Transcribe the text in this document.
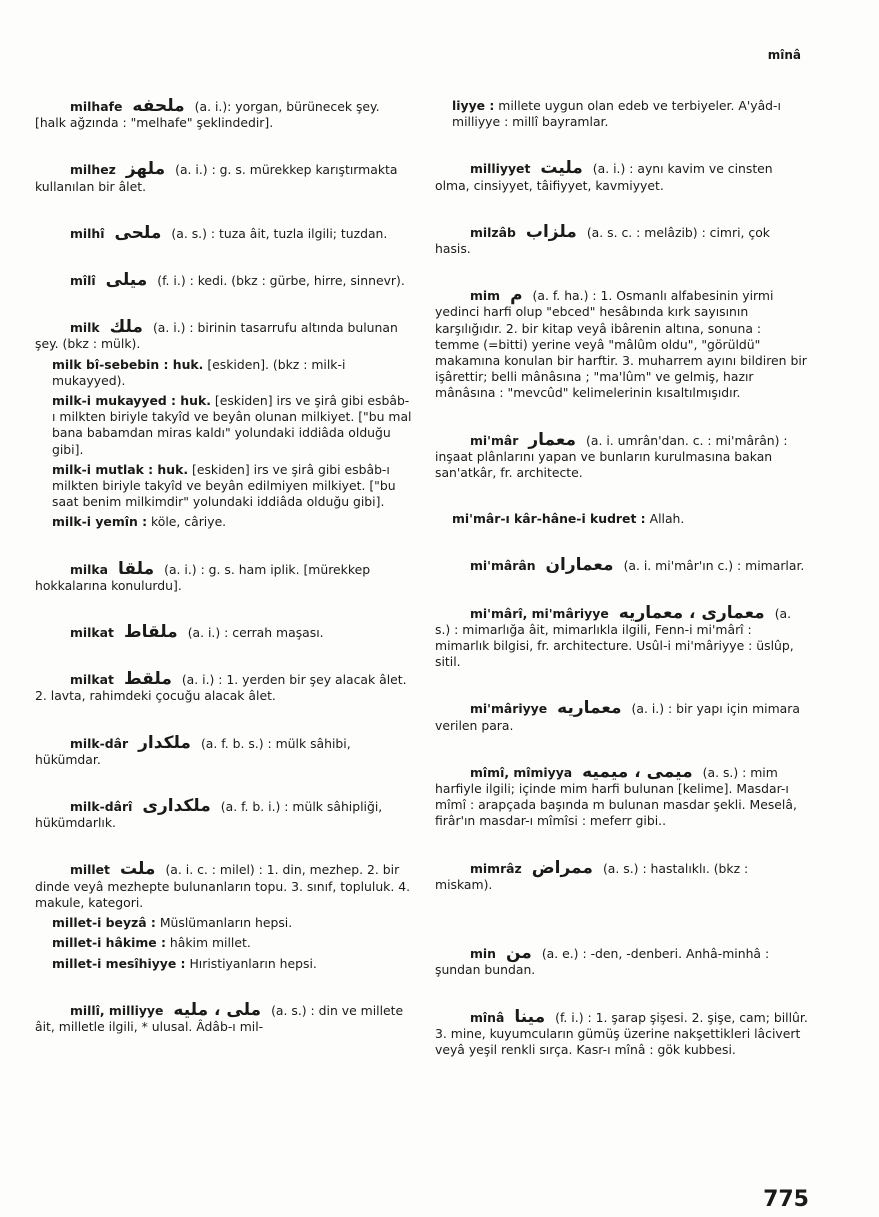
mînâ
milhafe ملحفه (a. i.): yorgan, bürünecek şey. [halk ağzında : "melhafe" şeklindedir].
milhez ملهز (a. i.) : g. s. mürekkep karıştırmakta kullanılan bir âlet.
milhî ملحى (a. s.) : tuza âit, tuzla ilgili; tuzdan.
mîlî ميلى (f. i.) : kedi. (bkz : gürbe, hirre, sinnevr).
milk ملك (a. i.) : birinin tasarrufu altında bulunan şey. (bkz : mülk).
milk bî-sebebin : huk. [eskiden]. (bkz : milk-i mukayyed).
milk-i mukayyed : huk. [eskiden] irs ve şirâ gibi esbâb-ı milkten biriyle takyîd ve beyân olunan milkiyet. ["bu mal bana babamdan miras kaldı" yolundaki iddiâda olduğu gibi].
milk-i mutlak : huk. [eskiden] irs ve şirâ gibi esbâb-ı milkten biriyle takyîd ve beyân edilmiyen milkiyet. ["bu saat benim milkimdir" yolundaki iddiâda olduğu gibi].
milk-i yemîn : köle, câriye.
milka ملقا (a. i.) : g. s. ham iplik. [mürekkep hokkalarına konulurdu].
milkat ملقاط (a. i.) : cerrah maşası.
milkat ملقط (a. i.) : 1. yerden bir şey alacak âlet. 2. lavta, rahimdeki çocuğu alacak âlet.
milk-dâr ملكدار (a. f. b. s.) : mülk sâhibi, hükümdar.
milk-dârî ملكدارى (a. f. b. i.) : mülk sâhipliği, hükümdarlık.
millet ملت (a. i. c. : milel) : 1. din, mezhep. 2. bir dinde veyâ mezhepte bulunanların topu. 3. sınıf, topluluk. 4. makule, kategori.
millet-i beyzâ : Müslümanların hepsi.
millet-i hâkime : hâkim millet.
millet-i mesîhiyye : Hıristiyanların hepsi.
millî, milliyye ملى ، مليه (a. s.) : din ve millete âit, milletle ilgili, * ulusal. Âdâb-ı mil-
liyye : millete uygun olan edeb ve terbiyeler. A'yâd-ı milliyye : millî bayramlar.
milliyyet مليت (a. i.) : aynı kavim ve cinsten olma, cinsiyyet, tâifiyyet, kavmiyyet.
milzâb ملزاب (a. s. c. : melâzib) : cimri, çok hasis.
mim م (a. f. ha.) : 1. Osmanlı alfabesinin yirmi yedinci harfi olup "ebced" hesâbında kırk sayısının karşılığıdır. 2. bir kitap veyâ ibârenin altına, sonuna : temme (=bitti) yerine veyâ "mâlûm oldu", "görüldü" makamına konulan bir harftir. 3. muharrem ayını bildiren bir işârettir; belli mânâsına ; "ma'lûm" ve gelmiş, hazır mânâsına : "mevcûd" kelimelerinin kısaltılmışıdır.
mi'mâr معمار (a. i. umrân'dan. c. : mi'mârân) : inşaat plânlarını yapan ve bunların kurulmasına bakan san'atkâr, fr. architecte.
mi'mâr-ı kâr-hâne-i kudret : Allah.
mi'mârân معماران (a. i. mi'mâr'ın c.) : mimarlar.
mi'mârî, mi'mâriyye معمارى ، معماريه (a. s.) : mimarlığa âit, mimarlıkla ilgili, Fenn-i mi'mârî : mimarlık bilgisi, fr. architecture. Usûl-i mi'mâriyye : üslûp, sitil.
mi'mâriyye معماريه (a. i.) : bir yapı için mimara verilen para.
mîmî, mîmiyya ميمى ، ميميه (a. s.) : mim harfiyle ilgili; içinde mim harfi bulunan [kelime]. Masdar-ı mîmî : arapçada başında m bulunan masdar şekli. Meselâ, firâr'ın masdar-ı mîmîsi : meferr gibi..
mimrâz ممراض (a. s.) : hastalıklı. (bkz : miskam).
min من (a. e.) : -den, -denberi. Anhâ-minhâ : şundan bundan.
mînâ مينا (f. i.) : 1. şarap şişesi. 2. şişe, cam; billûr. 3. mine, kuyumcuların gümüş üzerine nakşettikleri lâcivert veyâ yeşil renkli sırça. Kasr-ı mînâ : gök kubbesi.
775
